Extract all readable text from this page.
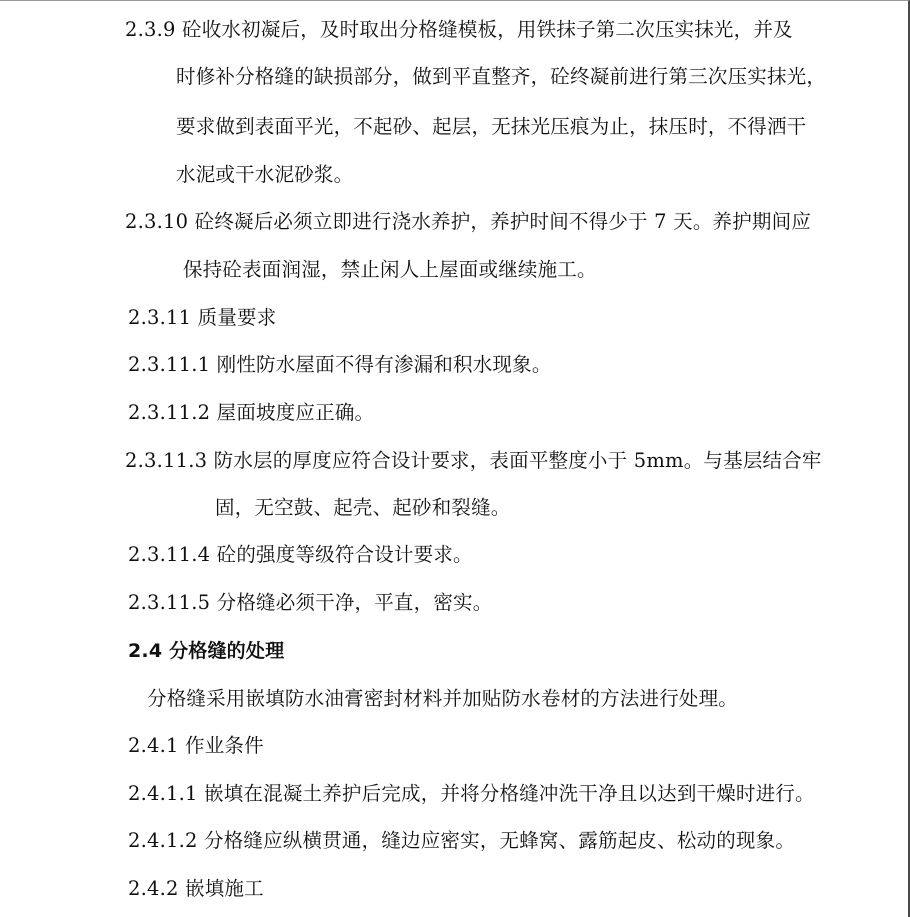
2.3.9 砼收水初凝后，及时取出分格缝模板，用铁抹子第二次压实抹光，并及
时修补分格缝的缺损部分，做到平直整齐，砼终凝前进行第三次压实抹光，
要求做到表面平光，不起砂、起层，无抹光压痕为止，抹压时，不得洒干
水泥或干水泥砂浆。
2.3.10 砼终凝后必须立即进行浇水养护，养护时间不得少于 7 天。养护期间应
保持砼表面润湿，禁止闲人上屋面或继续施工。
2.3.11 质量要求
2.3.11.1 刚性防水屋面不得有渗漏和积水现象。
2.3.11.2 屋面坡度应正确。
2.3.11.3 防水层的厚度应符合设计要求，表面平整度小于 5mm。与基层结合牢
固，无空鼓、起壳、起砂和裂缝。
2.3.11.4 砼的强度等级符合设计要求。
2.3.11.5 分格缝必须干净，平直，密实。
2.4 分格缝的处理
分格缝采用嵌填防水油膏密封材料并加贴防水卷材的方法进行处理。
2.4.1 作业条件
2.4.1.1 嵌填在混凝土养护后完成，并将分格缝冲洗干净且以达到干燥时进行。
2.4.1.2 分格缝应纵横贯通，缝边应密实，无蜂窝、露筋起皮、松动的现象。
2.4.2 嵌填施工
